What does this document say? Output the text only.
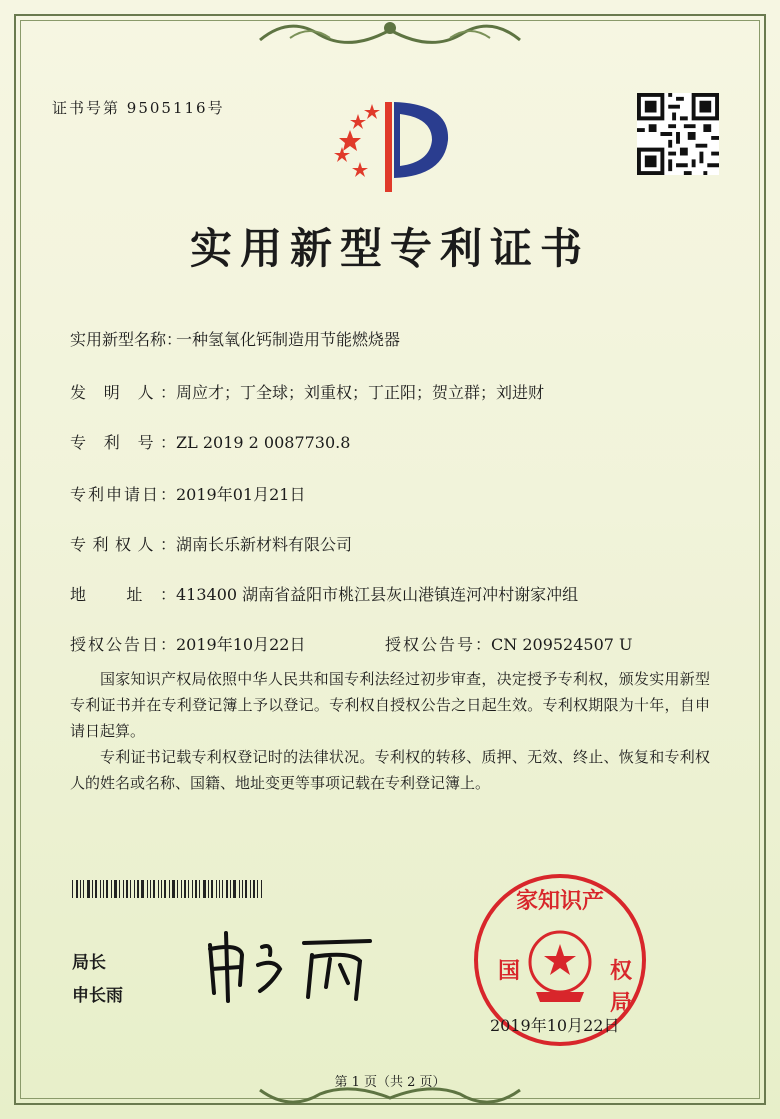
证书号第 9505116号
实用新型专利证书
实用新型名称：一种氢氧化钙制造用节能燃烧器
发 明 人：周应才；丁全球；刘重权；丁正阳；贺立群；刘进财
专 利 号：ZL 2019 2 0087730.8
专利申请日：2019年01月21日
专利权人：湖南长乐新材料有限公司
地 址：413400 湖南省益阳市桃江县灰山港镇连河冲村谢家冲组
授权公告日：2019年10月22日	授权公告号：CN 209524507 U

国家知识产权局依照中华人民共和国专利法经过初步审查，决定授予专利权，颁发实用新型专利证书并在专利登记簿上予以登记。专利权自授权公告之日起生效。专利权期限为十年，自申请日起算。

专利证书记载专利权登记时的法律状况。专利权的转移、质押、无效、终止、恢复和专利权人的姓名或名称、国籍、地址变更等事项记载在专利登记簿上。

局长
申长雨
家知识产
国	权
局
2019年10月22日
第 1 页（共 2 页）
